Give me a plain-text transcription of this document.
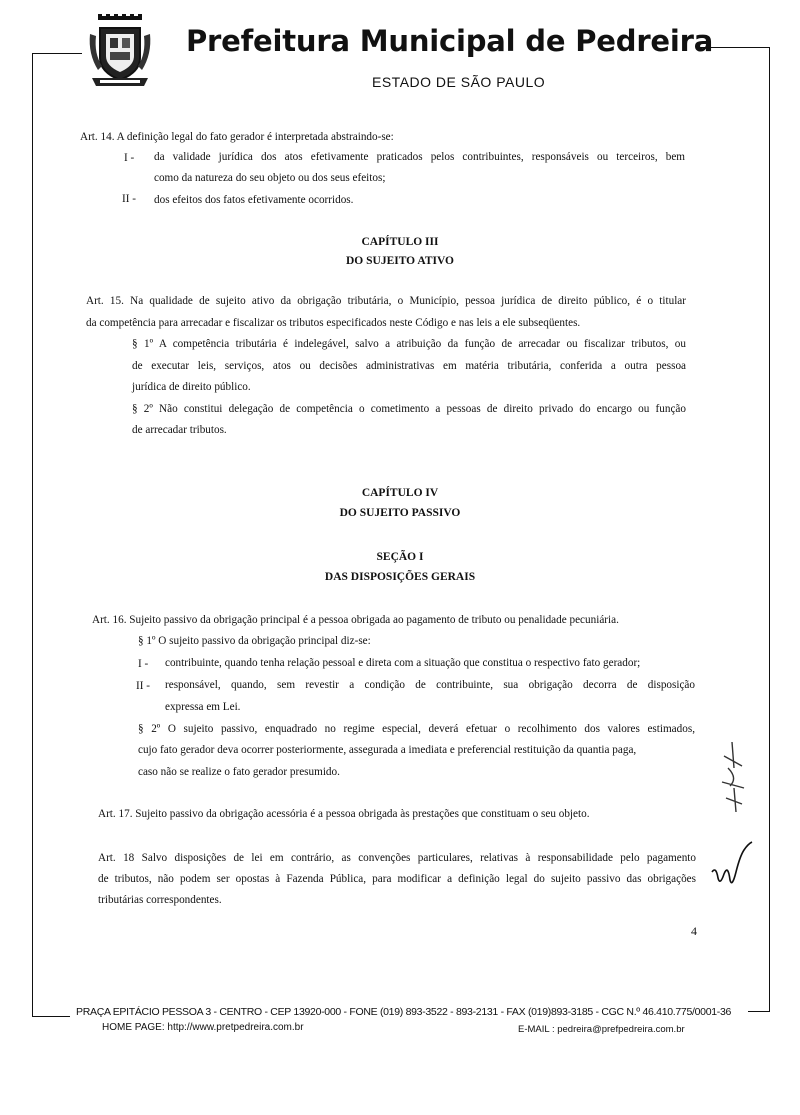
Prefeitura Municipal de Pedreira
ESTADO DE SÃO PAULO
Art. 14. A definição legal do fato gerador é interpretada abstraindo-se:
I - da validade jurídica dos atos efetivamente praticados pelos contribuintes, responsáveis ou terceiros, bem
como da natureza do seu objeto ou dos seus efeitos;
II - dos efeitos dos fatos efetivamente ocorridos.
CAPÍTULO III
DO SUJEITO ATIVO
Art. 15. Na qualidade de sujeito ativo da obrigação tributária, o Município, pessoa jurídica de direito público, é o titular
da competência para arrecadar e fiscalizar os tributos especificados neste Código e nas leis a ele subseqüentes.
§ 1º A competência tributária é indelegável, salvo a atribuição da função de arrecadar ou fiscalizar tributos, ou
de executar leis, serviços, atos ou decisões administrativas em matéria tributária, conferida a outra pessoa
jurídica de direito público.
§ 2º Não constitui delegação de competência o cometimento a pessoas de direito privado do encargo ou função
de arrecadar tributos.
CAPÍTULO IV
DO SUJEITO PASSIVO
SEÇÃO I
DAS DISPOSIÇÕES GERAIS
Art. 16. Sujeito passivo da obrigação principal é a pessoa obrigada ao pagamento de tributo ou penalidade pecuniária.
§ 1º O sujeito passivo da obrigação principal diz-se:
I - contribuinte, quando tenha relação pessoal e direta com a situação que constitua o respectivo fato gerador;
II - responsável, quando, sem revestir a condição de contribuinte, sua obrigação decorra de disposição
expressa em Lei.
§ 2º O sujeito passivo, enquadrado no regime especial, deverá efetuar o recolhimento dos valores estimados,
cujo fato gerador deva ocorrer posteriormente, assegurada a imediata e preferencial restituição da quantia paga,
caso não se realize o fato gerador presumido.
Art. 17. Sujeito passivo da obrigação acessória é a pessoa obrigada às prestações que constituam o seu objeto.
Art. 18 Salvo disposições de lei em contrário, as convenções particulares, relativas à responsabilidade pelo pagamento
de tributos, não podem ser opostas à Fazenda Pública, para modificar a definição legal do sujeito passivo das obrigações
tributárias correspondentes.
4
PRAÇA EPITÁCIO PESSOA 3 - CENTRO - CEP 13920-000 - FONE (019) 893-3522 - 893-2131 - FAX (019)893-3185 - CGC N.º 46.410.775/0001-36
HOME PAGE: http://www.pretpedreira.com.br	E-MAIL : pedreira@prefpedreira.com.br
